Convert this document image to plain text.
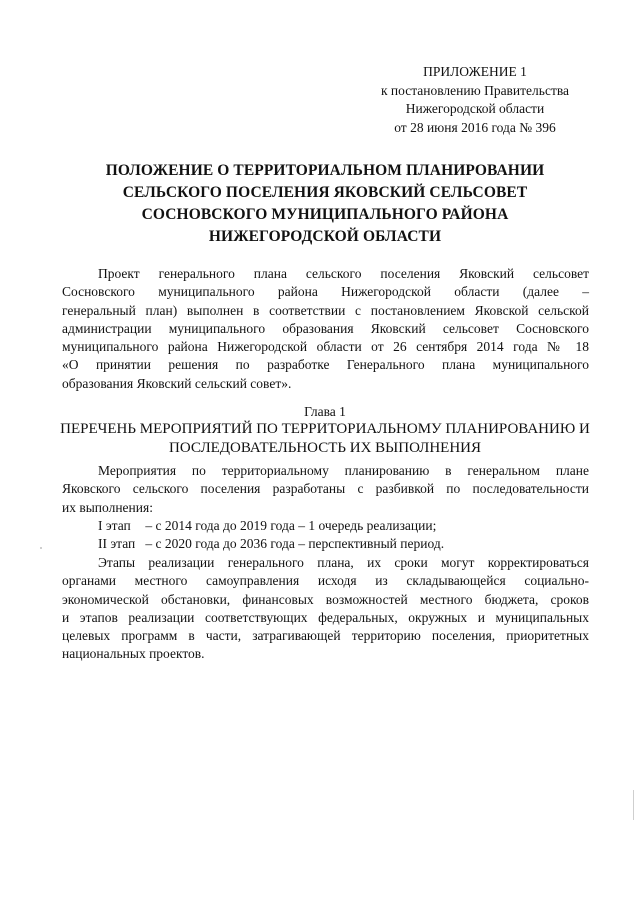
ПРИЛОЖЕНИЕ 1
к постановлению Правительства
Нижегородской области
от 28 июня 2016 года № 396
ПОЛОЖЕНИЕ О ТЕРРИТОРИАЛЬНОМ ПЛАНИРОВАНИИ
СЕЛЬСКОГО ПОСЕЛЕНИЯ ЯКОВСКИЙ СЕЛЬСОВЕТ
СОСНОВСКОГО МУНИЦИПАЛЬНОГО РАЙОНА
НИЖЕГОРОДСКОЙ ОБЛАСТИ
Проект генерального плана сельского поселения Яковский сельсовет
Сосновского муниципального района Нижегородской области (далее –
генеральный план) выполнен в соответствии с постановлением Яковской сельской
администрации муниципального образования Яковский сельсовет Сосновского
муниципального района Нижегородской области от 26 сентября 2014 года № 18
«О принятии решения по разработке Генерального плана муниципального
образования Яковский сельский совет».
Глава 1
ПЕРЕЧЕНЬ МЕРОПРИЯТИЙ ПО ТЕРРИТОРИАЛЬНОМУ ПЛАНИРОВАНИЮ И
ПОСЛЕДОВАТЕЛЬНОСТЬ ИХ ВЫПОЛНЕНИЯ
Мероприятия по территориальному планированию в генеральном плане
Яковского сельского поселения разработаны с разбивкой по последовательности
их выполнения:
I этап – с 2014 года до 2019 года – 1 очередь реализации;
II этап – с 2020 года до 2036 года – перспективный период.
Этапы реализации генерального плана, их сроки могут корректироваться
органами местного самоуправления исходя из складывающейся социально-
экономической обстановки, финансовых возможностей местного бюджета, сроков
и этапов реализации соответствующих федеральных, окружных и муниципальных
целевых программ в части, затрагивающей территорию поселения, приоритетных
национальных проектов.
